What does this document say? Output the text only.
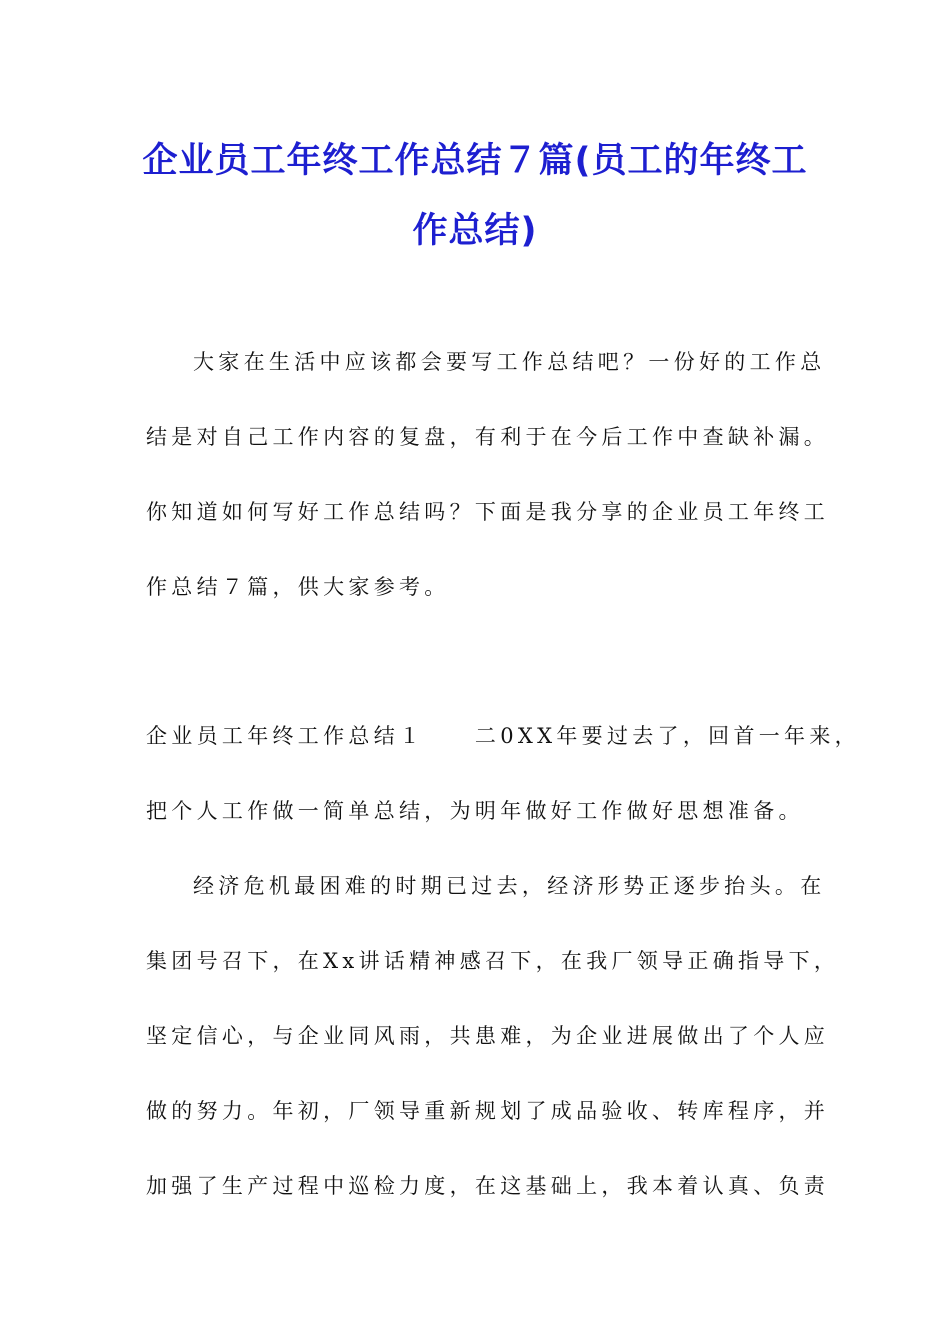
企业员工年终工作总结７篇(员工的年终工
作总结)
大家在生活中应该都会要写工作总结吧？一份好的工作总
结是对自己工作内容的复盘，有利于在今后工作中查缺补漏。
你知道如何写好工作总结吗？下面是我分享的企业员工年终工
作总结７篇，供大家参考。
企业员工年终工作总结１　　二0XX年要过去了，回首一年来，
把个人工作做一简单总结，为明年做好工作做好思想准备。
经济危机最困难的时期已过去，经济形势正逐步抬头。在
集团号召下，在Xx讲话精神感召下，在我厂领导正确指导下，
坚定信心，与企业同风雨，共患难，为企业进展做出了个人应
做的努力。年初，厂领导重新规划了成品验收、转库程序，并
加强了生产过程中巡检力度，在这基础上，我本着认真、负责
